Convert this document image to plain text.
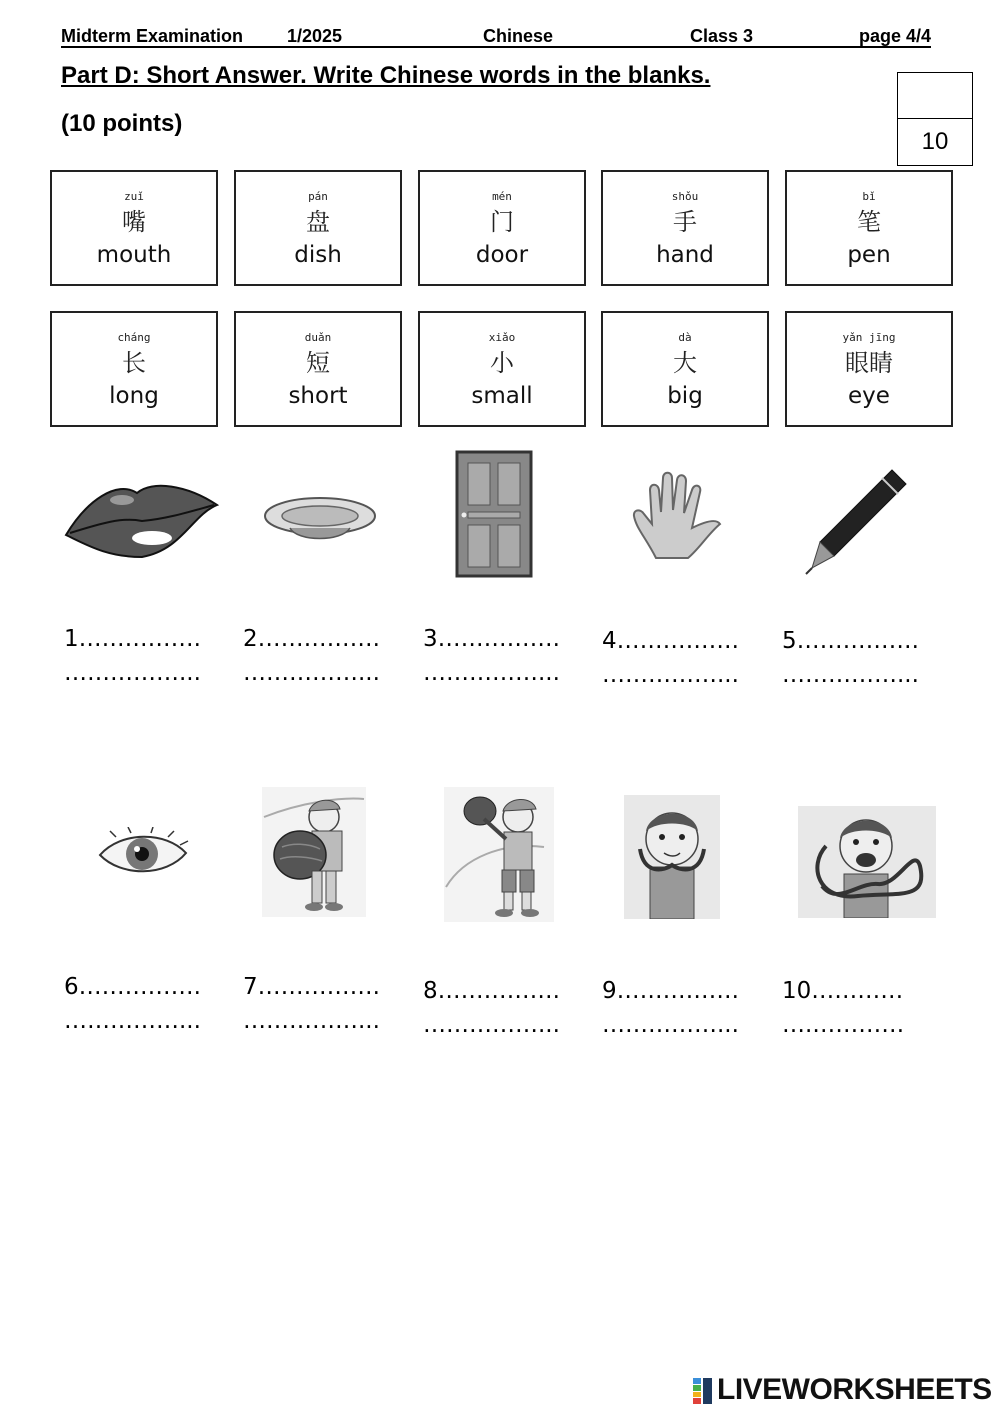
Midterm Examination 1/2025	Chinese	Class 3	page 4/4
Part D: Short Answer. Write Chinese words in the blanks.
(10 points)
10
zuǐ
嘴
mouth
pán
盘
dish
mén
门
door
shǒu
手
hand
bǐ
笔
pen
cháng
长
long
duǎn
短
short
xiǎo
小
small
dà
大
big
yǎn jīng
眼睛
eye
1…………….
……………...
2…………….
……………...
3…………….
……………...
4…………….
……………...
5…………….
……………...
6…………….
……………...
7…………….
……………...
8…………….
……………...
9…………….
……………...
10…………
….…………
LIVEWORKSHEETS
